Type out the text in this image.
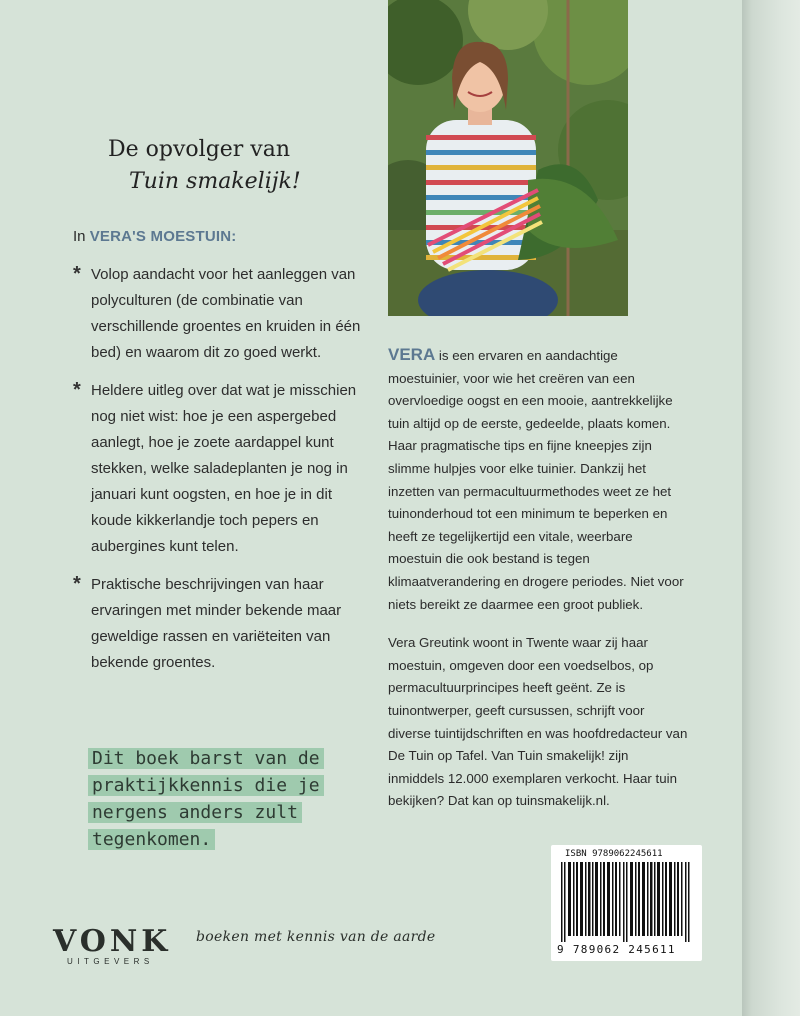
De opvolger van
Tuin smakelijk!
In VERA'S MOESTUIN:
* Volop aandacht voor het aanleggen van polyculturen (de combinatie van verschillende groentes en kruiden in één bed) en waarom dit zo goed werkt.
* Heldere uitleg over dat wat je misschien nog niet wist: hoe je een aspergebed aanlegt, hoe je zoete aardappel kunt stekken, welke saladeplanten je nog in januari kunt oogsten, en hoe je in dit koude kikkerlandje toch pepers en aubergines kunt telen.
* Praktische beschrijvingen van haar ervaringen met minder bekende maar geweldige rassen en variëteiten van bekende groentes.
Dit boek barst van de praktijkkennis die je nergens anders zult tegenkomen.

VERA is een ervaren en aandachtige moestuinier, voor wie het creëren van een overvloedige oogst en een mooie, aantrekkelijke tuin altijd op de eerste, gedeelde, plaats komen. Haar pragmatische tips en fijne kneepjes zijn slimme hulpjes voor elke tuinier. Dankzij het inzetten van permacultuurmethodes weet ze het tuinonderhoud tot een minimum te beperken en heeft ze tegelijkertijd een vitale, weerbare moestuin die ook bestand is tegen klimaatverandering en drogere periodes. Niet voor niets bereikt ze daarmee een groot publiek.

Vera Greutink woont in Twente waar zij haar moestuin, omgeven door een voedselbos, op permacultuurprincipes heeft geënt. Ze is tuinontwerper, geeft cursussen, schrijft voor diverse tuintijdschriften en was hoofdredacteur van De Tuin op Tafel. Van Tuin smakelijk! zijn inmiddels 12.000 exemplaren verkocht. Haar tuin bekijken? Dat kan op tuinsmakelijk.nl.

ISBN 9789062245611
9 789062 245611
VONK
UITGEVERS
boeken met kennis van de aarde
